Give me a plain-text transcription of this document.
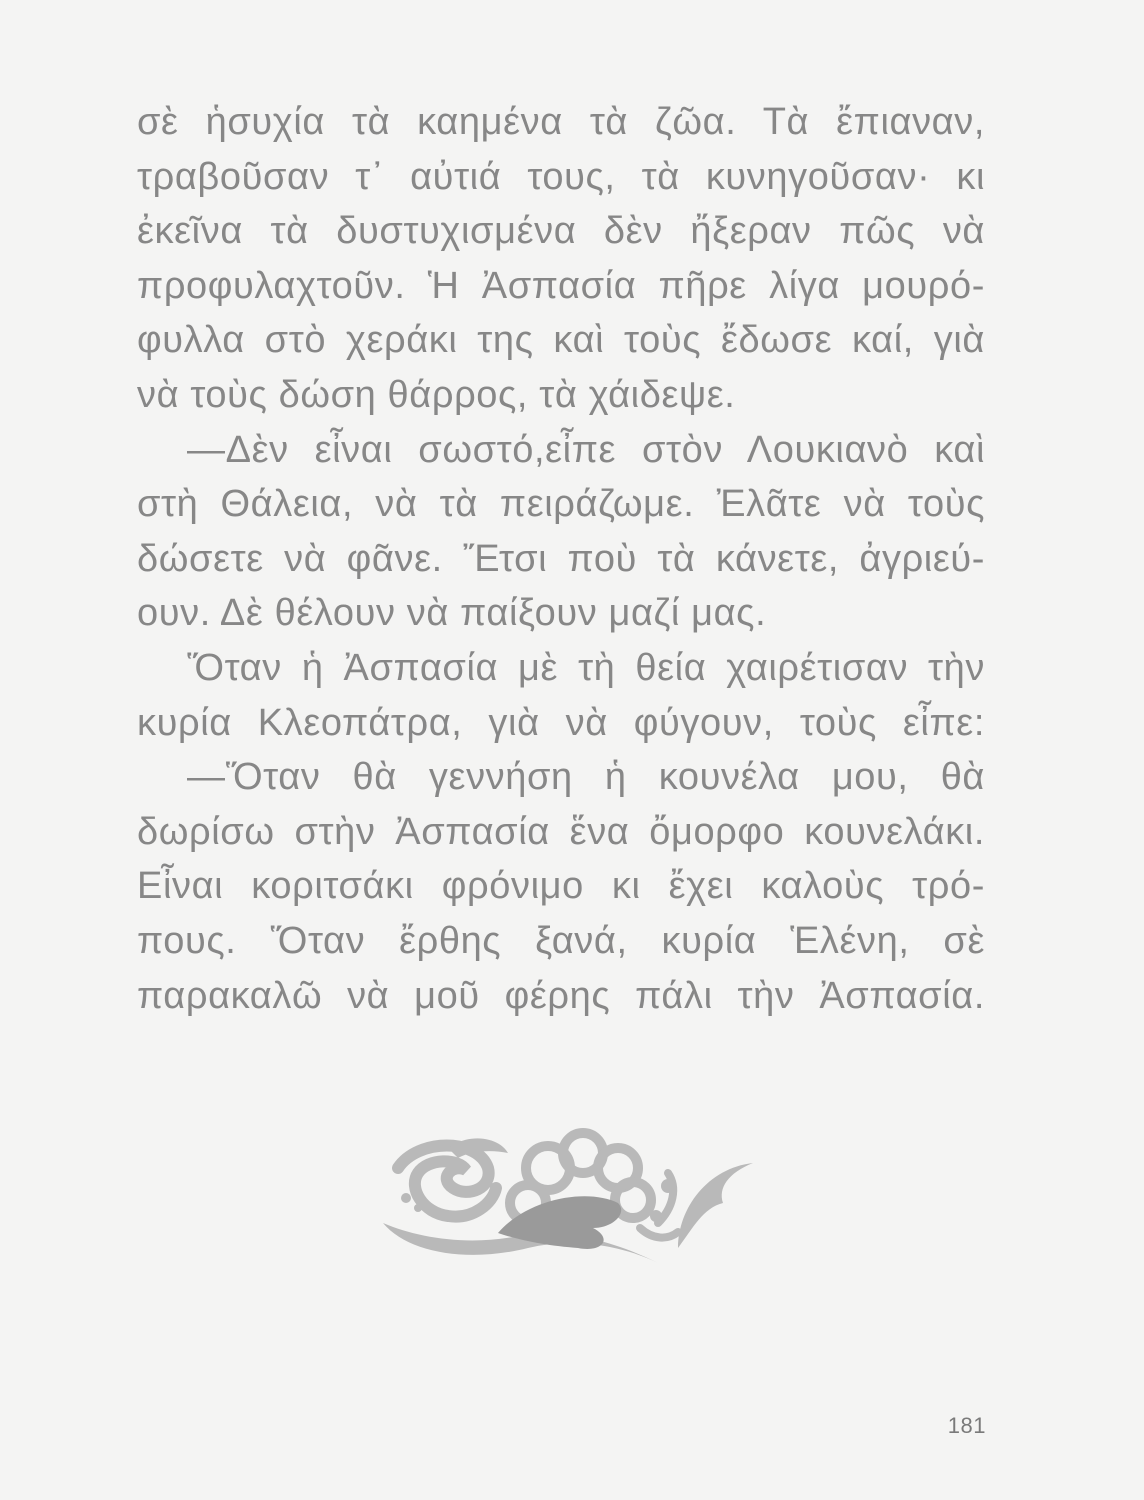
σὲ ἡσυχία τὰ καημένα τὰ ζῶα. Τὰ ἔπιαναν,
τραβοῦσαν τ᾿ αὐτιά τους, τὰ κυνηγοῦσαν· κι
ἐκεῖνα τὰ δυστυχισμένα δὲν ἤξεραν πῶς νὰ
προφυλαχτοῦν. Ἡ Ἀσπασία πῆρε λίγα μουρό-
φυλλα στὸ χεράκι της καὶ τοὺς ἔδωσε καί, γιὰ
νὰ τοὺς δώση θάρρος, τὰ χάιδεψε.
—Δὲν εἶναι σωστό,εἶπε στὸν Λουκιανὸ καὶ
στὴ Θάλεια, νὰ τὰ πειράζωμε. Ἐλᾶτε νὰ τοὺς
δώσετε νὰ φᾶνε. Ἔτσι ποὺ τὰ κάνετε, ἀγριεύ-
ουν. Δὲ θέλουν νὰ παίξουν μαζί μας.
Ὅταν ἡ Ἀσπασία μὲ τὴ θεία χαιρέτισαν τὴν
κυρία Κλεοπάτρα, γιὰ νὰ φύγουν, τοὺς εἶπε:
—Ὅταν θὰ γεννήση ἡ κουνέλα μου, θὰ
δωρίσω στὴν Ἀσπασία ἕνα ὄμορφο κουνελάκι.
Εἶναι κοριτσάκι φρόνιμο κι ἔχει καλοὺς τρό-
πους. Ὅταν ἔρθης ξανά, κυρία Ἑλένη, σὲ
παρακαλῶ νὰ μοῦ φέρης πάλι τὴν Ἀσπασία.
181
